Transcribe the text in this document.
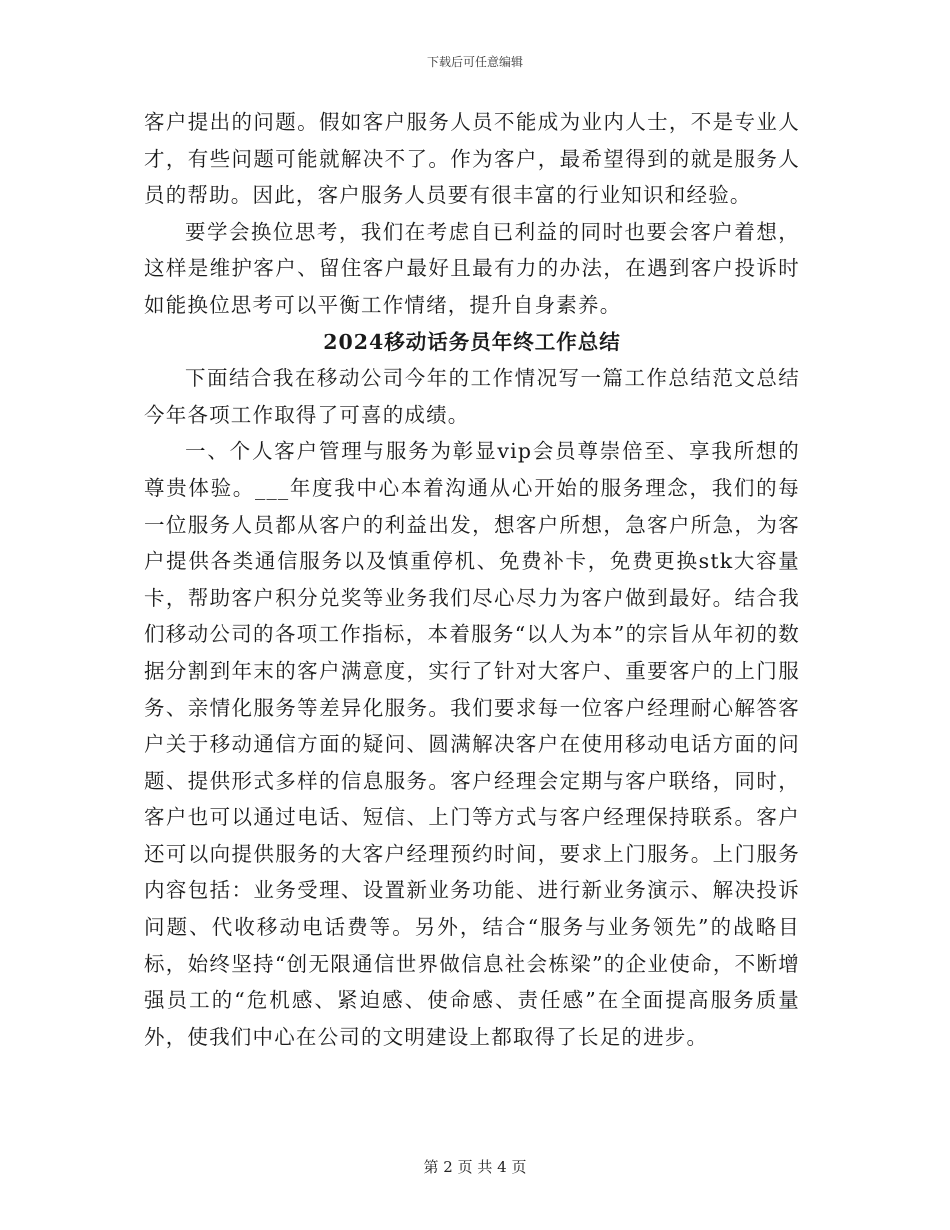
下载后可任意编辑

客户提出的问题。假如客户服务人员不能成为业内人士，不是专业人才，有些问题可能就解决不了。作为客户，最希望得到的就是服务人员的帮助。因此，客户服务人员要有很丰富的行业知识和经验。

要学会换位思考，我们在考虑自已利益的同时也要会客户着想，这样是维护客户、留住客户最好且最有力的办法，在遇到客户投诉时如能换位思考可以平衡工作情绪，提升自身素养。

2024移动话务员年终工作总结

下面结合我在移动公司今年的工作情况写一篇工作总结范文总结今年各项工作取得了可喜的成绩。

一、个人客户管理与服务为彰显vip会员尊崇倍至、享我所想的尊贵体验。___年度我中心本着沟通从心开始的服务理念，我们的每一位服务人员都从客户的利益出发，想客户所想，急客户所急，为客户提供各类通信服务以及慎重停机、免费补卡，免费更换stk大容量卡，帮助客户积分兑奖等业务我们尽心尽力为客户做到最好。结合我们移动公司的各项工作指标，本着服务“以人为本”的宗旨从年初的数据分割到年末的客户满意度，实行了针对大客户、重要客户的上门服务、亲情化服务等差异化服务。我们要求每一位客户经理耐心解答客户关于移动通信方面的疑问、圆满解决客户在使用移动电话方面的问题、提供形式多样的信息服务。客户经理会定期与客户联络，同时，客户也可以通过电话、短信、上门等方式与客户经理保持联系。客户还可以向提供服务的大客户经理预约时间，要求上门服务。上门服务内容包括：业务受理、设置新业务功能、进行新业务演示、解决投诉问题、代收移动电话费等。另外，结合“服务与业务领先”的战略目标，始终坚持“创无限通信世界做信息社会栋梁”的企业使命，不断增强员工的“危机感、紧迫感、使命感、责任感”在全面提高服务质量外，使我们中心在公司的文明建设上都取得了长足的进步。

第 2 页 共 4 页
